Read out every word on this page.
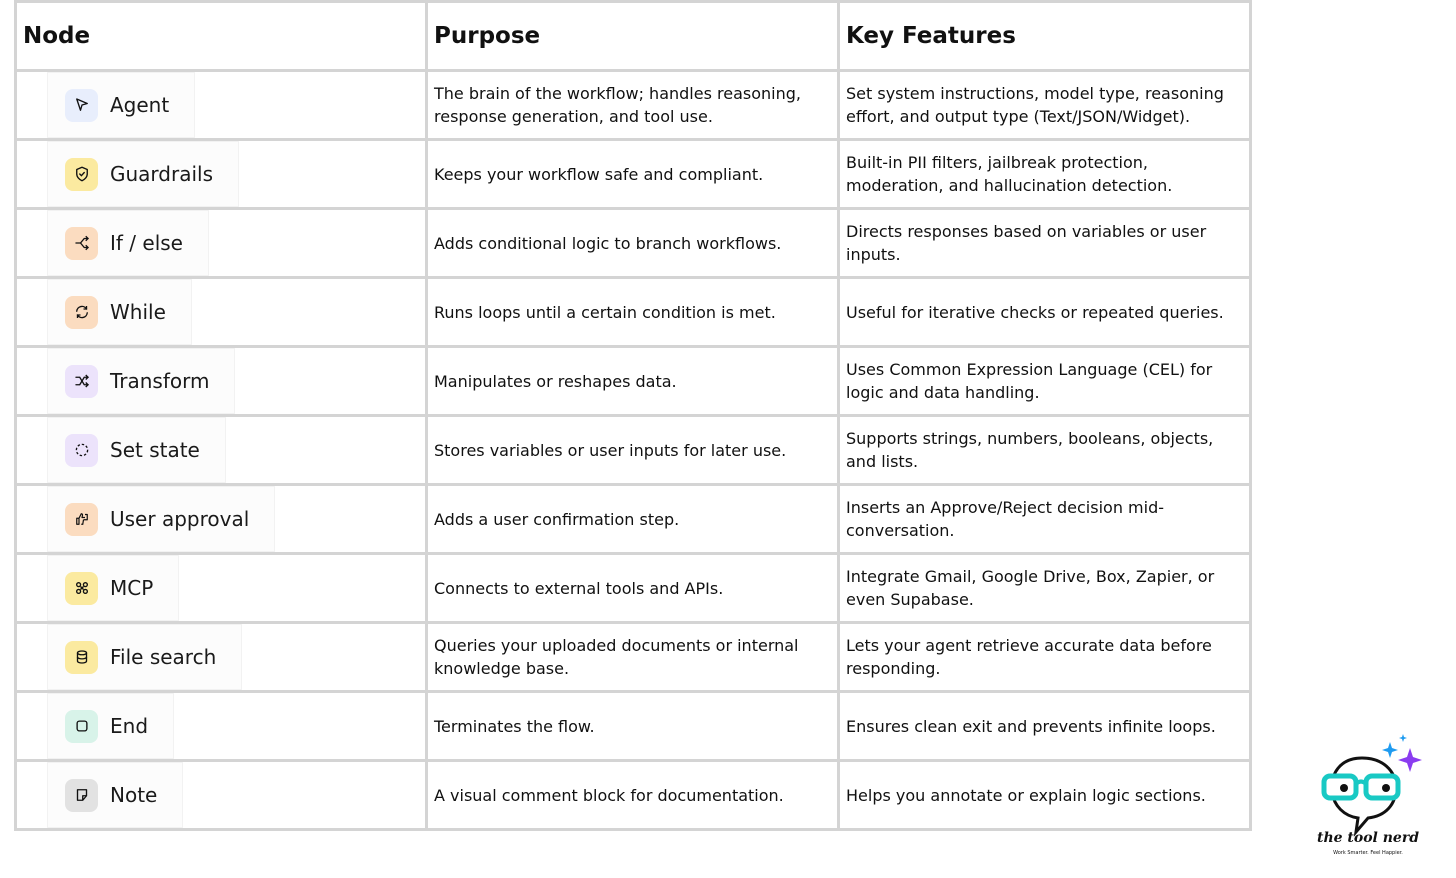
Node	Purpose	Key Features

Agent	The brain of the workflow; handles reasoning, response generation, and tool use.	Set system instructions, model type, reasoning effort, and output type (Text/JSON/Widget).

Guardrails	Keeps your workflow safe and compliant.	Built-in PII filters, jailbreak protection, moderation, and hallucination detection.

If / else	Adds conditional logic to branch workflows.	Directs responses based on variables or user inputs.

While	Runs loops until a certain condition is met.	Useful for iterative checks or repeated queries.

Transform	Manipulates or reshapes data.	Uses Common Expression Language (CEL) for logic and data handling.

Set state	Stores variables or user inputs for later use.	Supports strings, numbers, booleans, objects, and lists.

User approval	Adds a user confirmation step.	Inserts an Approve/Reject decision mid-conversation.

MCP	Connects to external tools and APIs.	Integrate Gmail, Google Drive, Box, Zapier, or even Supabase.

File search	Queries your uploaded documents or internal knowledge base.	Lets your agent retrieve accurate data before responding.

End	Terminates the flow.	Ensures clean exit and prevents infinite loops.

Note	A visual comment block for documentation.	Helps you annotate or explain logic sections.
the tool nerd
Work Smarter. Feel Happier.
